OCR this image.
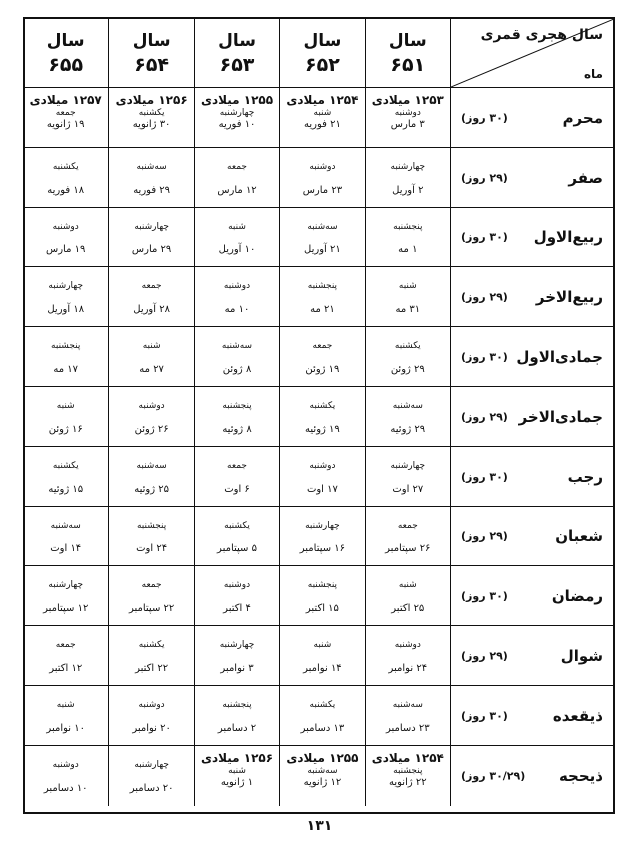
سال هجری قمری
ماه
سال
۶۵۱
سال
۶۵۲
سال
۶۵۳
سال
۶۵۴
سال
۶۵۵
محرم
(۳۰ روز)
۱۲۵۳ میلادی
دوشنبه
۳ مارس
۱۲۵۴ میلادی
شنبه
۲۱ فوریه
۱۲۵۵ میلادی
چهارشنبه
۱۰ فوریه
۱۲۵۶ میلادی
یکشنبه
۳۰ ژانویه
۱۲۵۷ میلادی
جمعه
۱۹ ژانویه
صفر
(۲۹ روز)
چهارشنبه
۲ آوریل
دوشنبه
۲۳ مارس
جمعه
۱۲ مارس
سه‌شنبه
۲۹ فوریه
یکشنبه
۱۸ فوریه
ربیع‌الاول
(۳۰ روز)
پنجشنبه
۱ مه
سه‌شنبه
۲۱ آوریل
شنبه
۱۰ آوریل
چهارشنبه
۲۹ مارس
دوشنبه
۱۹ مارس
ربیع‌الاخر
(۲۹ روز)
شنبه
۳۱ مه
پنجشنبه
۲۱ مه
دوشنبه
۱۰ مه
جمعه
۲۸ آوریل
چهارشنبه
۱۸ آوریل
جمادی‌الاول
(۳۰ روز)
یکشنبه
۲۹ ژوئن
جمعه
۱۹ ژوئن
سه‌شنبه
۸ ژوئن
شنبه
۲۷ مه
پنجشنبه
۱۷ مه
جمادی‌الاخر
(۲۹ روز)
سه‌شنبه
۲۹ ژوئیه
یکشنبه
۱۹ ژوئیه
پنجشنبه
۸ ژوئیه
دوشنبه
۲۶ ژوئن
شنبه
۱۶ ژوئن
رجب
(۳۰ روز)
چهارشنبه
۲۷ اوت
دوشنبه
۱۷ اوت
جمعه
۶ اوت
سه‌شنبه
۲۵ ژوئیه
یکشنبه
۱۵ ژوئیه
شعبان
(۲۹ روز)
جمعه
۲۶ سپتامبر
چهارشنبه
۱۶ سپتامبر
یکشنبه
۵ سپتامبر
پنجشنبه
۲۴ اوت
سه‌شنبه
۱۴ اوت
رمضان
(۳۰ روز)
شنبه
۲۵ اکتبر
پنجشنبه
۱۵ اکتبر
دوشنبه
۴ اکتبر
جمعه
۲۲ سپتامبر
چهارشنبه
۱۲ سپتامبر
شوال
(۲۹ روز)
دوشنبه
۲۴ نوامبر
شنبه
۱۴ نوامبر
چهارشنبه
۳ نوامبر
یکشنبه
۲۲ اکتبر
جمعه
۱۲ اکتبر
ذیقعده
(۳۰ روز)
سه‌شنبه
۲۳ دسامبر
یکشنبه
۱۳ دسامبر
پنجشنبه
۲ دسامبر
دوشنبه
۲۰ نوامبر
شنبه
۱۰ نوامبر
ذیحجه
(۳۰/۲۹ روز)
۱۲۵۴ میلادی
پنجشنبه
۲۲ ژانویه
۱۲۵۵ میلادی
سه‌شنبه
۱۲ ژانویه
۱۲۵۶ میلادی
شنبه
۱ ژانویه
چهارشنبه
۲۰ دسامبر
دوشنبه
۱۰ دسامبر
۱۳۱
